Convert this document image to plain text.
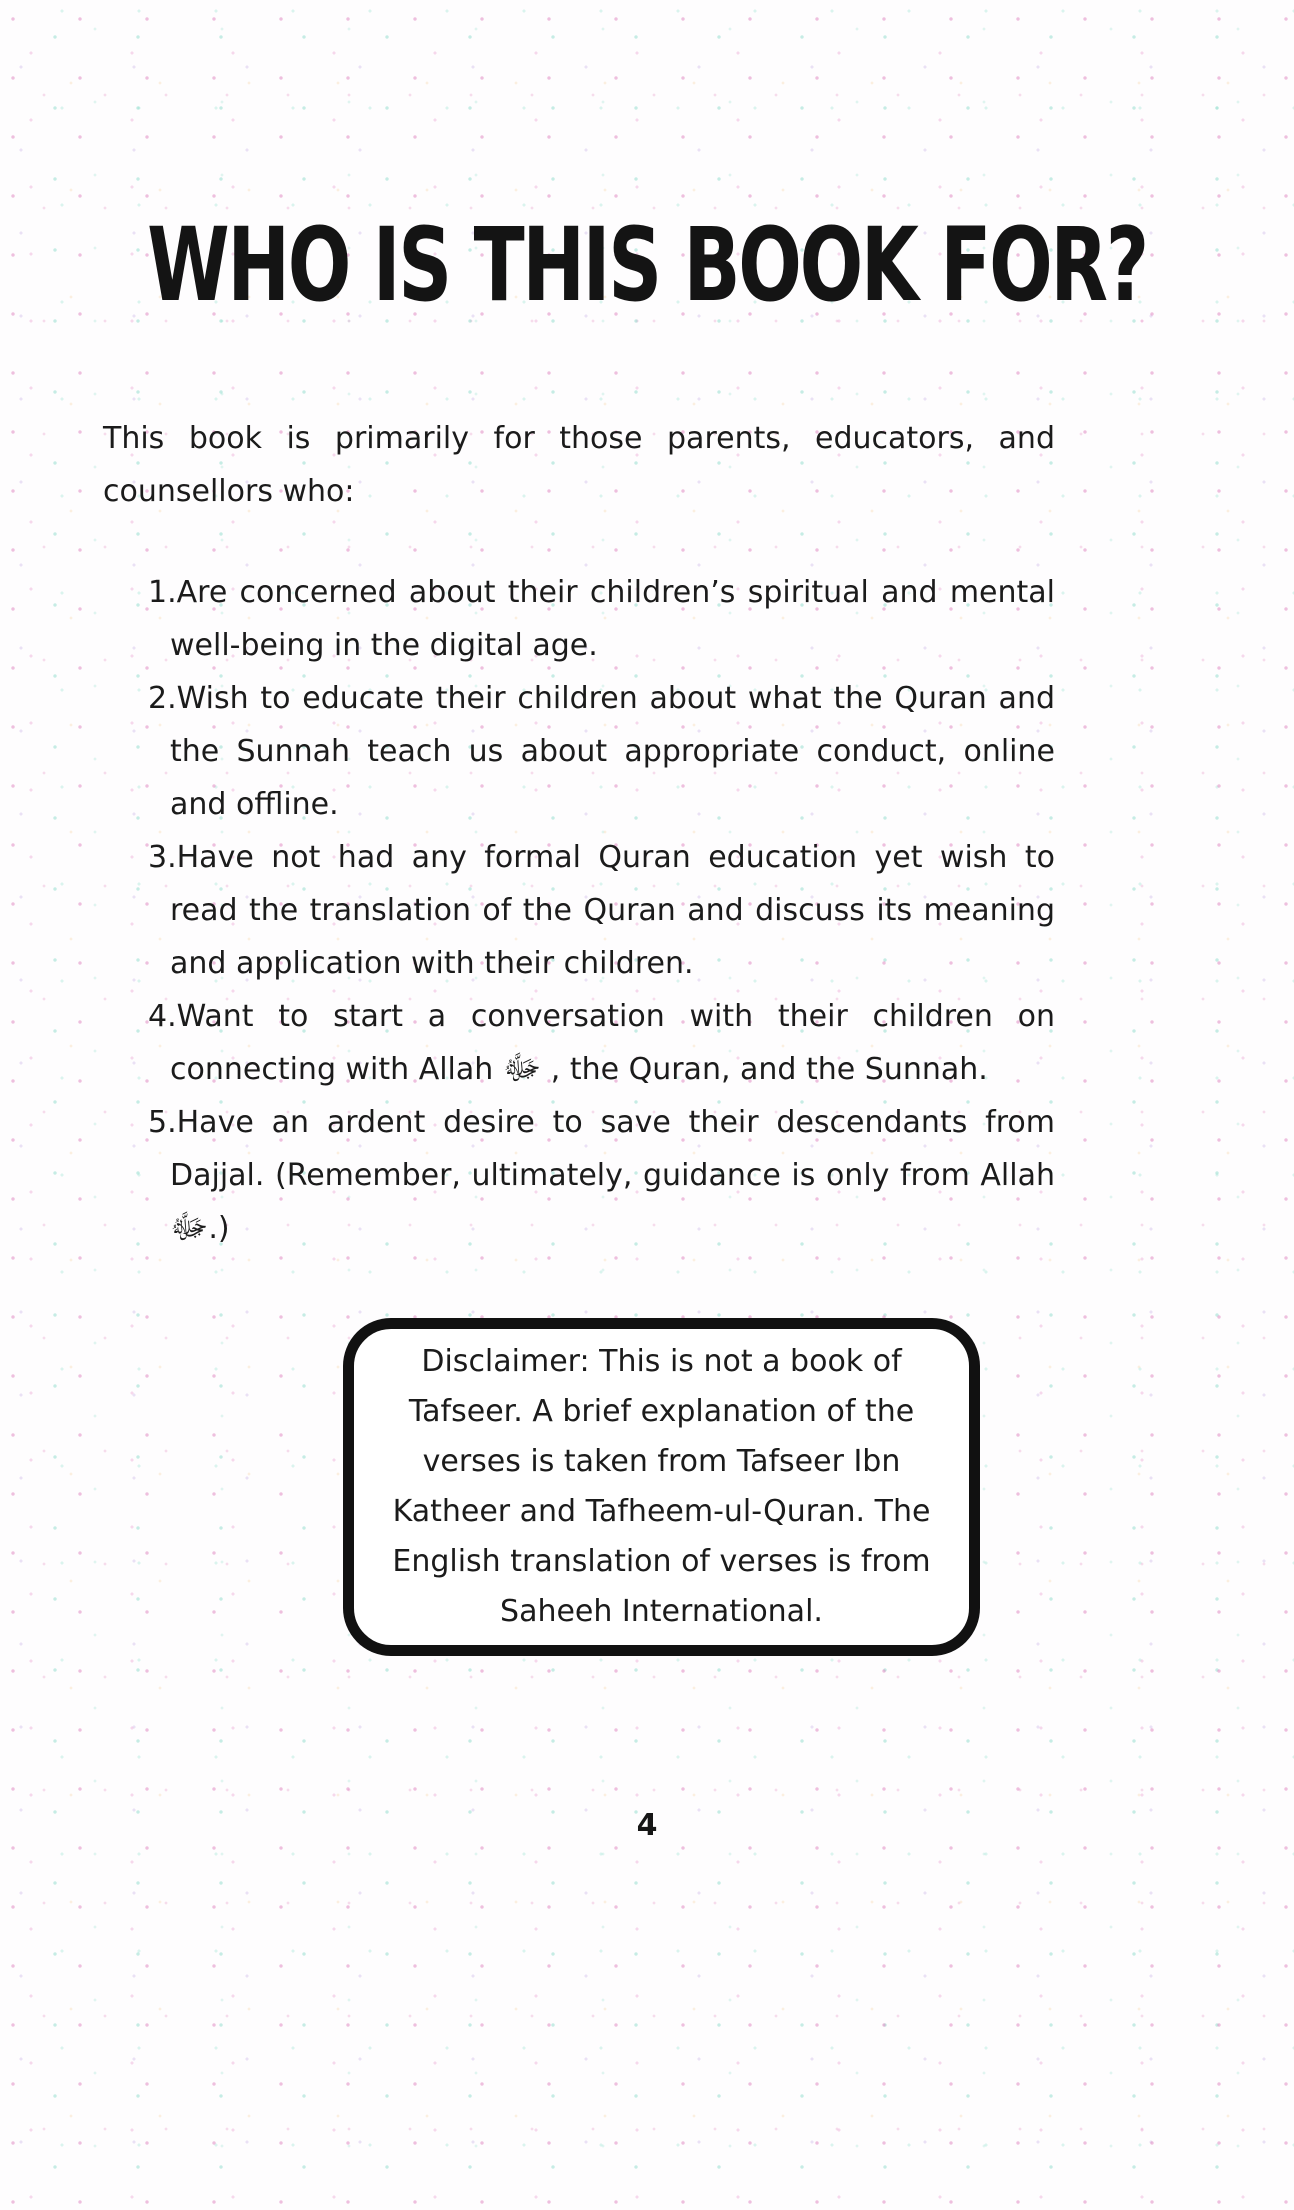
WHO IS THIS BOOK FOR?

This book is primarily for those parents, educators, and counsellors who:

1.Are concerned about their children’s spiritual and mental well-being in the digital age.
2.Wish to educate their children about what the Quran and the Sunnah teach us about appropriate conduct, online and offline.
3.Have not had any formal Quran education yet wish to read the translation of the Quran and discuss its meaning and application with their children.
4.Want to start a conversation with their children on connecting with Allah ﷻ , the Quran, and the Sunnah.
5.Have an ardent desire to save their descendants from Dajjal. (Remember, ultimately, guidance is only from Allah ﷻ.)
Disclaimer: This is not a book of Tafseer. A brief explanation of the verses is taken from Tafseer Ibn Katheer and Tafheem-ul-Quran. The English translation of verses is from Saheeh International.
4
